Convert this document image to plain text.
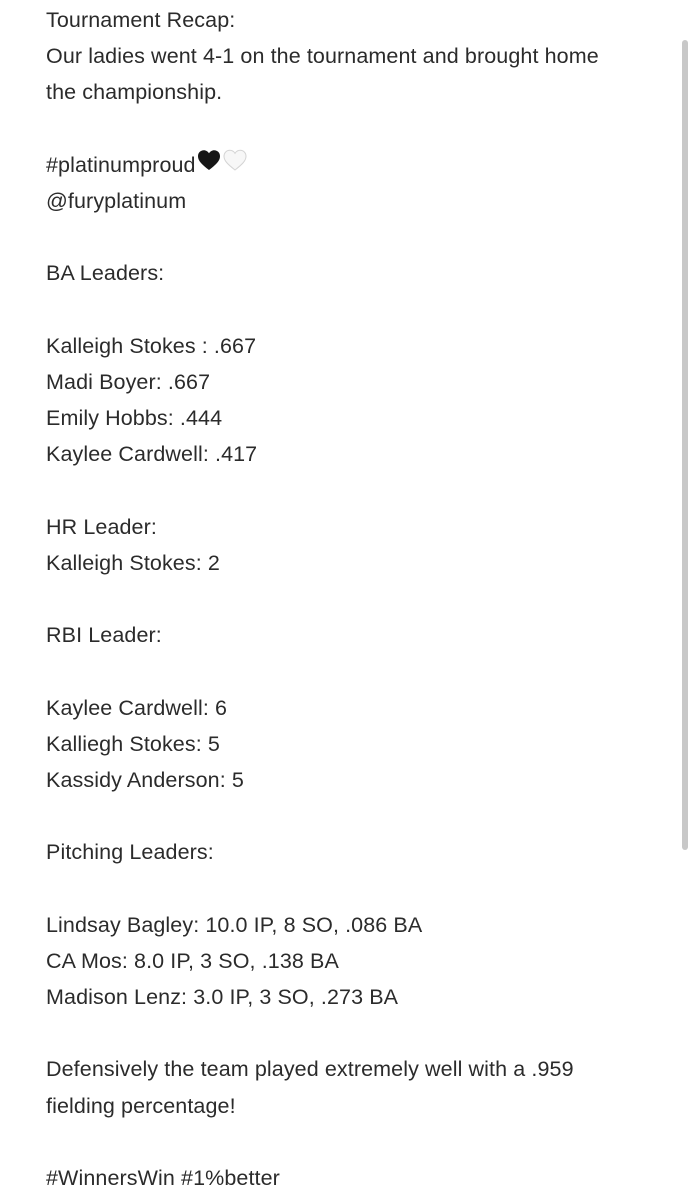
Tournament Recap:
Our ladies went 4-1 on the tournament and brought home
the championship.
#platinumproud
@furyplatinum
BA Leaders:
Kalleigh Stokes : .667
Madi Boyer: .667
Emily Hobbs: .444
Kaylee Cardwell: .417
HR Leader:
Kalleigh Stokes: 2
RBI Leader:
Kaylee Cardwell: 6
Kalliegh Stokes: 5
Kassidy Anderson: 5
Pitching Leaders:
Lindsay Bagley: 10.0 IP, 8 SO, .086 BA
CA Mos: 8.0 IP, 3 SO, .138 BA
Madison Lenz: 3.0 IP, 3 SO, .273 BA
Defensively the team played extremely well with a .959
fielding percentage!
#WinnersWin #1%better
